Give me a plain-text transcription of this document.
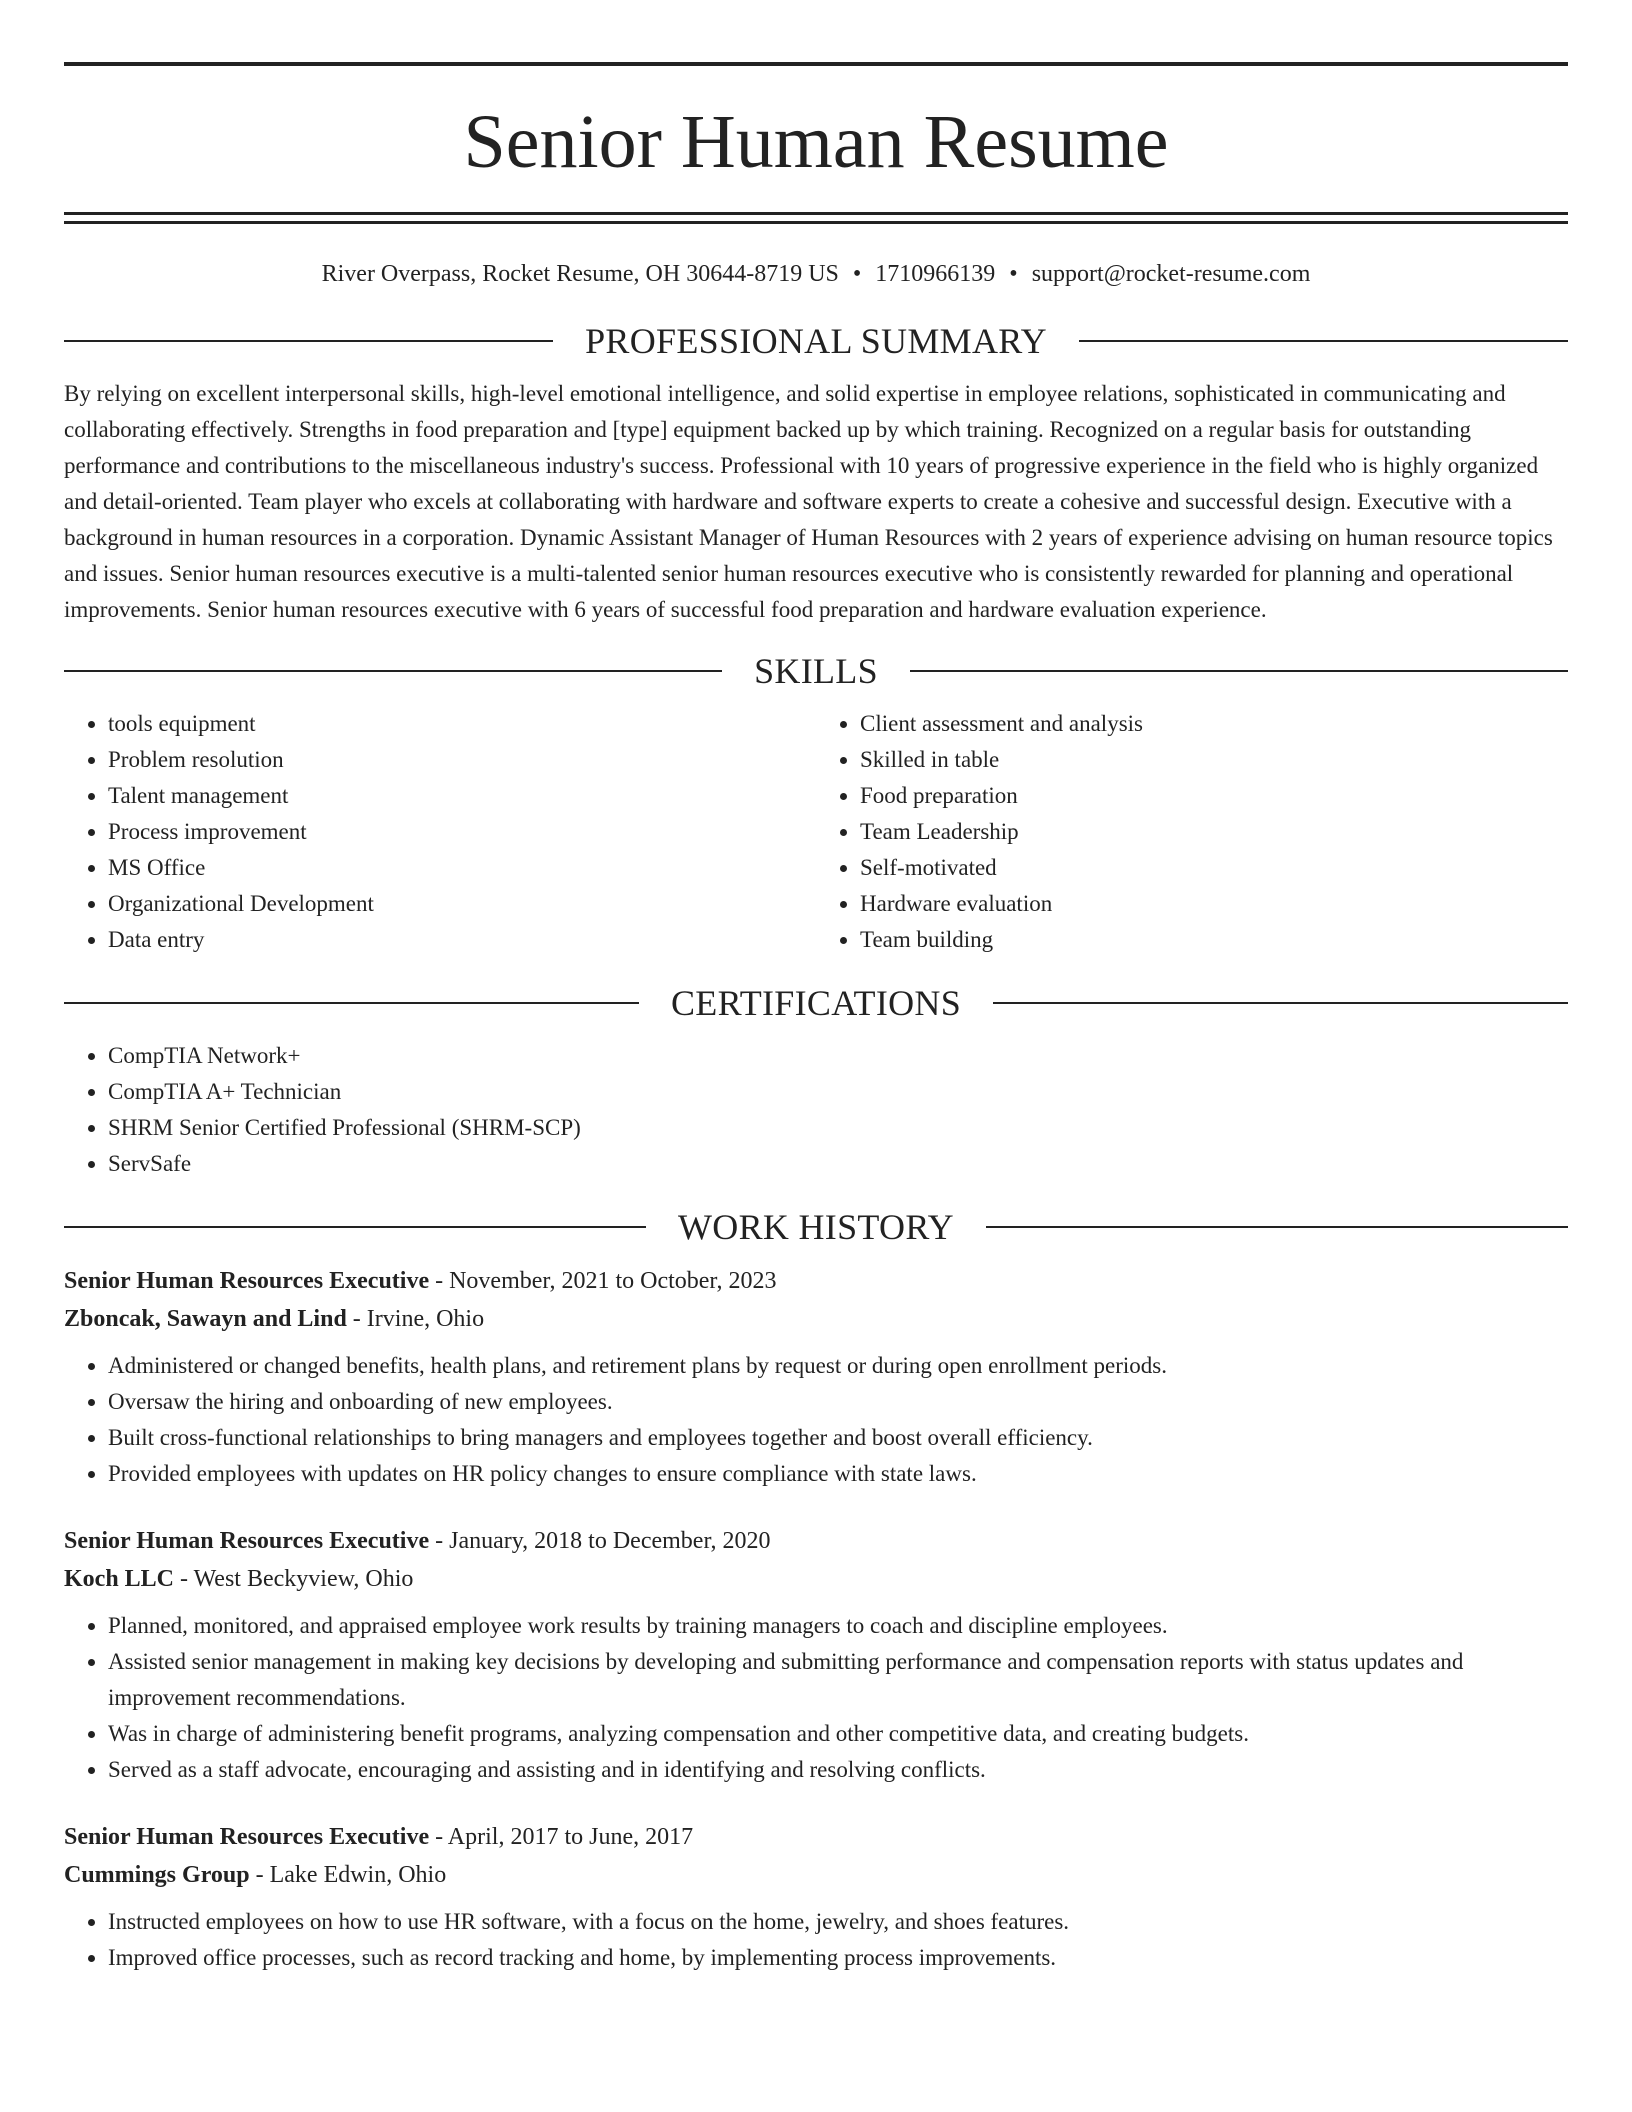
Senior Human Resume
River Overpass, Rocket Resume, OH 30644-8719 US • 1710966139 • support@rocket-resume.com
PROFESSIONAL SUMMARY

By relying on excellent interpersonal skills, high-level emotional intelligence, and solid expertise in employee relations, sophisticated in communicating and collaborating effectively. Strengths in food preparation and [type] equipment backed up by which training. Recognized on a regular basis for outstanding performance and contributions to the miscellaneous industry's success. Professional with 10 years of progressive experience in the field who is highly organized and detail-oriented. Team player who excels at collaborating with hardware and software experts to create a cohesive and successful design. Executive with a background in human resources in a corporation. Dynamic Assistant Manager of Human Resources with 2 years of experience advising on human resource topics and issues. Senior human resources executive is a multi-talented senior human resources executive who is consistently rewarded for planning and operational improvements. Senior human resources executive with 6 years of successful food preparation and hardware evaluation experience.

SKILLS
• tools equipment
• Problem resolution
• Talent management
• Process improvement
• MS Office
• Organizational Development
• Data entry
• Client assessment and analysis
• Skilled in table
• Food preparation
• Team Leadership
• Self-motivated
• Hardware evaluation
• Team building
CERTIFICATIONS
• CompTIA Network+
• CompTIA A+ Technician
• SHRM Senior Certified Professional (SHRM-SCP)
• ServSafe
WORK HISTORY
Senior Human Resources Executive - November, 2021 to October, 2023
Zboncak, Sawayn and Lind - Irvine, Ohio
• Administered or changed benefits, health plans, and retirement plans by request or during open enrollment periods.
• Oversaw the hiring and onboarding of new employees.
• Built cross-functional relationships to bring managers and employees together and boost overall efficiency.
• Provided employees with updates on HR policy changes to ensure compliance with state laws.
Senior Human Resources Executive - January, 2018 to December, 2020
Koch LLC - West Beckyview, Ohio
• Planned, monitored, and appraised employee work results by training managers to coach and discipline employees.
• Assisted senior management in making key decisions by developing and submitting performance and compensation reports with status updates and improvement recommendations.
• Was in charge of administering benefit programs, analyzing compensation and other competitive data, and creating budgets.
• Served as a staff advocate, encouraging and assisting and in identifying and resolving conflicts.
Senior Human Resources Executive - April, 2017 to June, 2017
Cummings Group - Lake Edwin, Ohio
• Instructed employees on how to use HR software, with a focus on the home, jewelry, and shoes features.
• Improved office processes, such as record tracking and home, by implementing process improvements.
